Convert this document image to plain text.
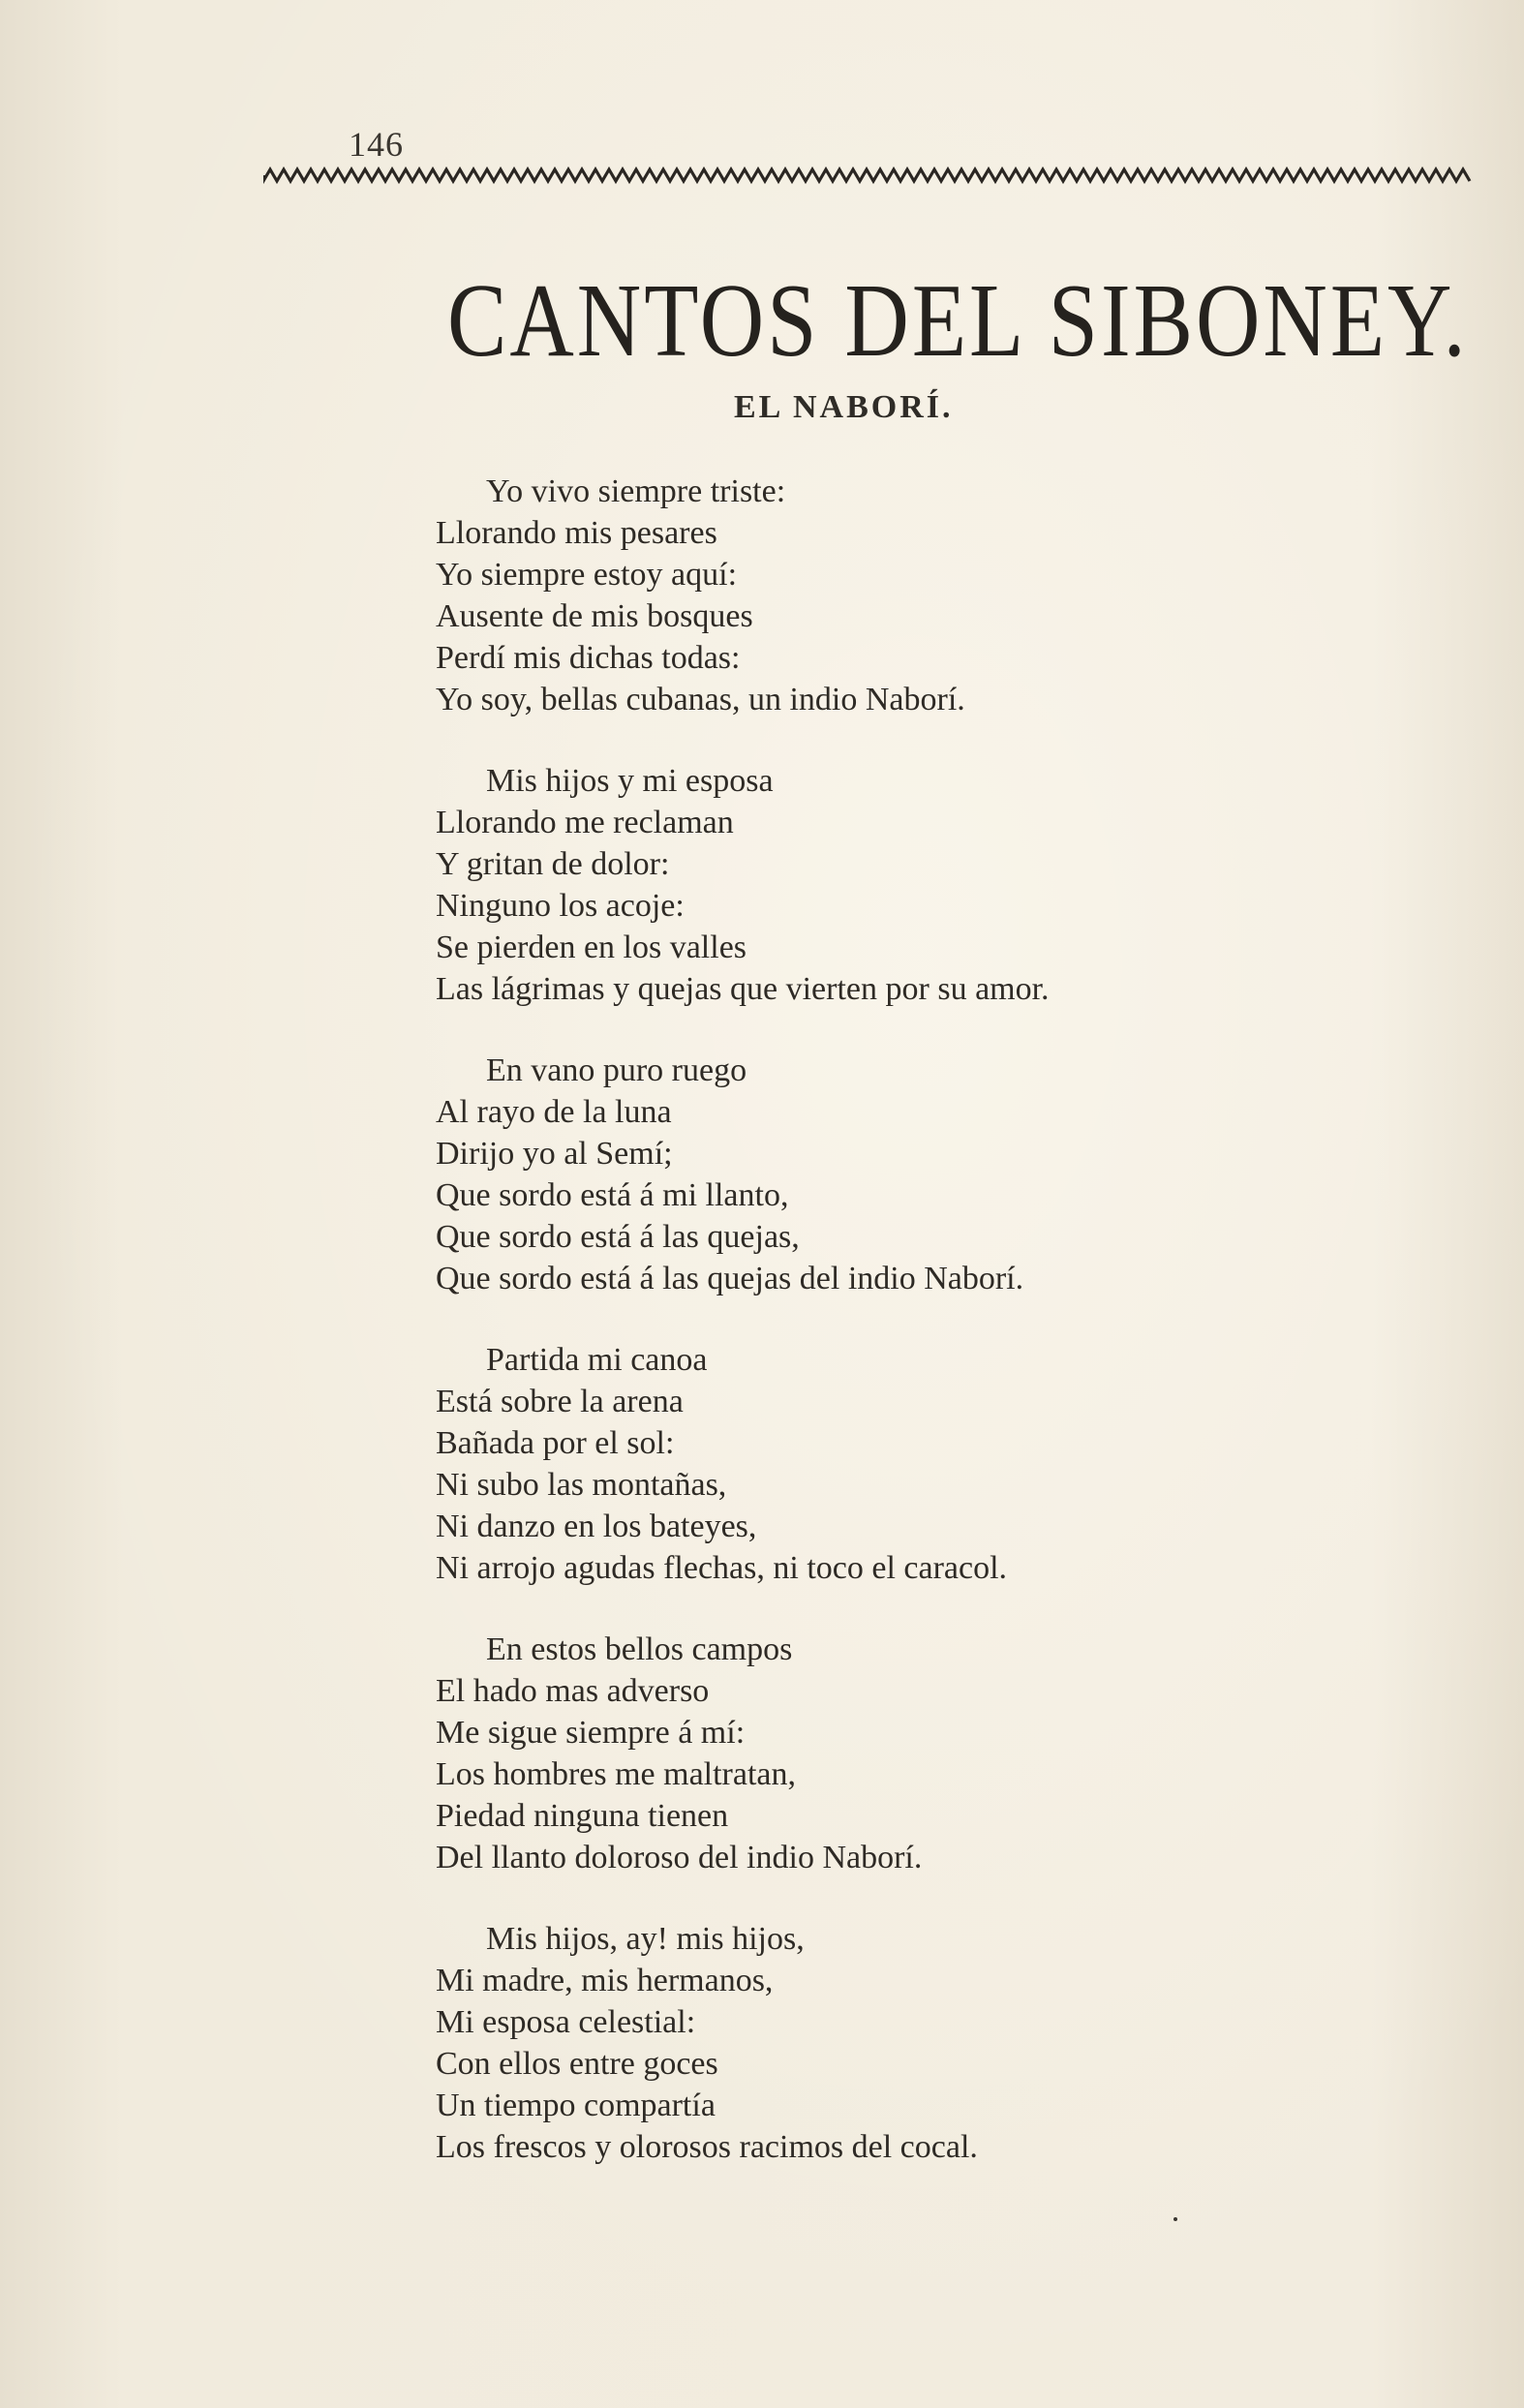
146
CANTOS DEL SIBONEY.
EL NABORÍ.
Yo vivo siempre triste:
Llorando mis pesares
Yo siempre estoy aquí:
Ausente de mis bosques
Perdí mis dichas todas:
Yo soy, bellas cubanas, un indio Naborí.
Mis hijos y mi esposa
Llorando me reclaman
Y gritan de dolor:
Ninguno los acoje:
Se pierden en los valles
Las lágrimas y quejas que vierten por su amor.
En vano puro ruego
Al rayo de la luna
Dirijo yo al Semí;
Que sordo está á mi llanto,
Que sordo está á las quejas,
Que sordo está á las quejas del indio Naborí.
Partida mi canoa
Está sobre la arena
Bañada por el sol:
Ni subo las montañas,
Ni danzo en los bateyes,
Ni arrojo agudas flechas, ni toco el caracol.
En estos bellos campos
El hado mas adverso
Me sigue siempre á mí:
Los hombres me maltratan,
Piedad ninguna tienen
Del llanto doloroso del indio Naborí.
Mis hijos, ay! mis hijos,
Mi madre, mis hermanos,
Mi esposa celestial:
Con ellos entre goces
Un tiempo compartía
Los frescos y olorosos racimos del cocal.
